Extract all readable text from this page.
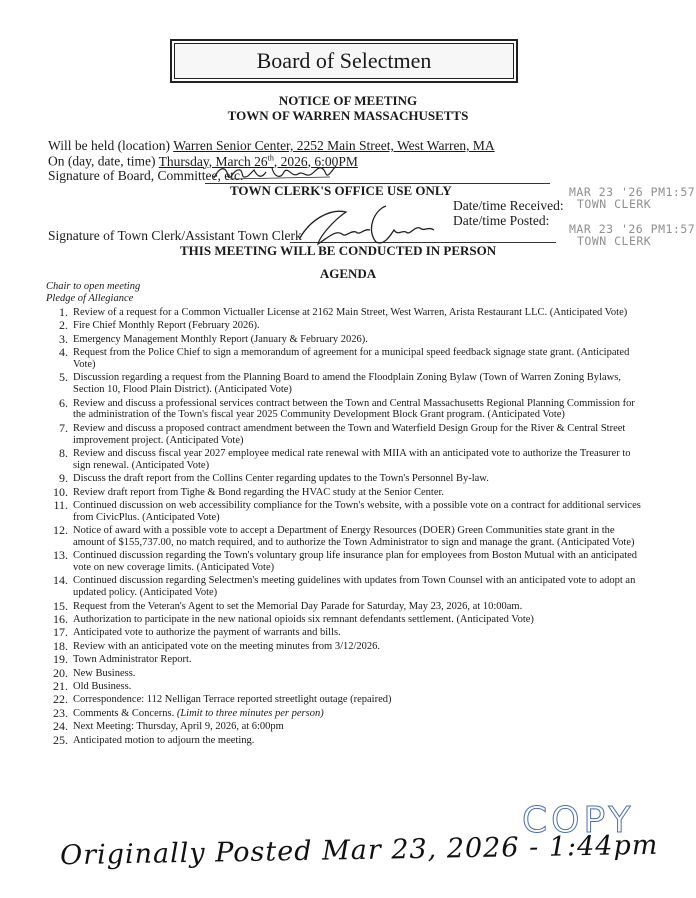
Board of Selectmen
NOTICE OF MEETING
TOWN OF WARREN MASSACHUSETTS
Will be held (location) Warren Senior Center, 2252 Main Street, West Warren, MA
On (day, date, time) Thursday, March 26th, 2026, 6:00PM
Signature of Board, Committee, etc.
TOWN CLERK'S OFFICE USE ONLY
Date/time Received:
Date/time Posted:
Signature of Town Clerk/Assistant Town Clerk
THIS MEETING WILL BE CONDUCTED IN PERSON
MAR 23 '26 PM1:57
TOWN CLERK
MAR 23 '26 PM1:57
TOWN CLERK
AGENDA
Chair to open meeting
Pledge of Allegiance
1. Review of a request for a Common Victualler License at 2162 Main Street, West Warren, Arista Restaurant LLC. (Anticipated Vote)
2. Fire Chief Monthly Report (February 2026).
3. Emergency Management Monthly Report (January & February 2026).
4. Request from the Police Chief to sign a memorandum of agreement for a municipal speed feedback signage state grant. (Anticipated Vote)
5. Discussion regarding a request from the Planning Board to amend the Floodplain Zoning Bylaw (Town of Warren Zoning Bylaws, Section 10, Flood Plain District). (Anticipated Vote)
6. Review and discuss a professional services contract between the Town and Central Massachusetts Regional Planning Commission for the administration of the Town's fiscal year 2025 Community Development Block Grant program. (Anticipated Vote)
7. Review and discuss a proposed contract amendment between the Town and Waterfield Design Group for the River & Central Street improvement project. (Anticipated Vote)
8. Review and discuss fiscal year 2027 employee medical rate renewal with MIIA with an anticipated vote to authorize the Treasurer to sign renewal. (Anticipated Vote)
9. Discuss the draft report from the Collins Center regarding updates to the Town's Personnel By-law.
10. Review draft report from Tighe & Bond regarding the HVAC study at the Senior Center.
11. Continued discussion on web accessibility compliance for the Town's website, with a possible vote on a contract for additional services from CivicPlus. (Anticipated Vote)
12. Notice of award with a possible vote to accept a Department of Energy Resources (DOER) Green Communities state grant in the amount of $155,737.00, no match required, and to authorize the Town Administrator to sign and manage the grant. (Anticipated Vote)
13. Continued discussion regarding the Town's voluntary group life insurance plan for employees from Boston Mutual with an anticipated vote on new coverage limits. (Anticipated Vote)
14. Continued discussion regarding Selectmen's meeting guidelines with updates from Town Counsel with an anticipated vote to adopt an updated policy. (Anticipated Vote)
15. Request from the Veteran's Agent to set the Memorial Day Parade for Saturday, May 23, 2026, at 10:00am.
16. Authorization to participate in the new national opioids six remnant defendants settlement. (Anticipated Vote)
17. Anticipated vote to authorize the payment of warrants and bills.
18. Review with an anticipated vote on the meeting minutes from 3/12/2026.
19. Town Administrator Report.
20. New Business.
21. Old Business.
22. Correspondence: 112 Nelligan Terrace reported streetlight outage (repaired)
23. Comments & Concerns. (Limit to three minutes per person)
24. Next Meeting: Thursday, April 9, 2026, at 6:00pm
25. Anticipated motion to adjourn the meeting.
COPY
Originally Posted Mar 23, 2026 - 1:44pm
